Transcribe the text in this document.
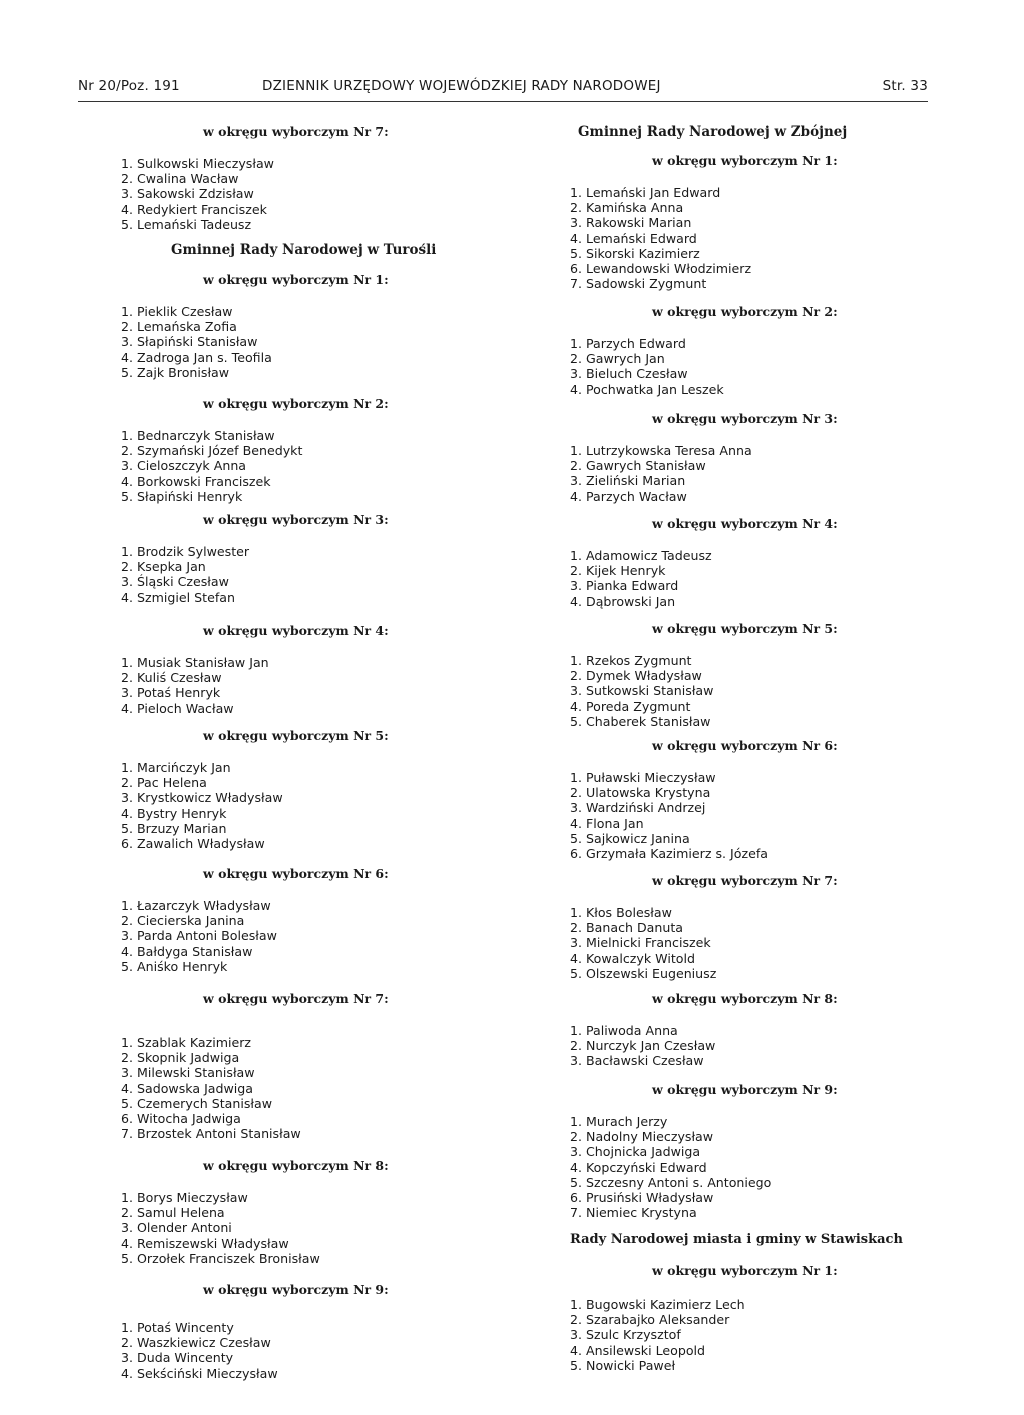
Nr 20/Poz. 191	DZIENNIK URZĘDOWY WOJEWÓDZKIEJ RADY NARODOWEJ	Str. 33
w okręgu wyborczym Nr 7:
1. Sulkowski Mieczysław
2. Cwalina Wacław
3. Sakowski Zdzisław
4. Redykiert Franciszek
5. Lemański Tadeusz
Gminnej Rady Narodowej w Turośli
w okręgu wyborczym Nr 1:
1. Pieklik Czesław
2. Lemańska Zofia
3. Słapiński Stanisław
4. Zadroga Jan s. Teofila
5. Zajk Bronisław
w okręgu wyborczym Nr 2:
1. Bednarczyk Stanisław
2. Szymański Józef Benedykt
3. Cieloszczyk Anna
4. Borkowski Franciszek
5. Słapiński Henryk
w okręgu wyborczym Nr 3:
1. Brodzik Sylwester
2. Ksepka Jan
3. Śląski Czesław
4. Szmigiel Stefan
w okręgu wyborczym Nr 4:
1. Musiak Stanisław Jan
2. Kuliś Czesław
3. Potaś Henryk
4. Pieloch Wacław
w okręgu wyborczym Nr 5:
1. Marcińczyk Jan
2. Pac Helena
3. Krystkowicz Władysław
4. Bystry Henryk
5. Brzuzy Marian
6. Zawalich Władysław
w okręgu wyborczym Nr 6:
1. Łazarczyk Władysław
2. Ciecierska Janina
3. Parda Antoni Bolesław
4. Bałdyga Stanisław
5. Aniśko Henryk
w okręgu wyborczym Nr 7:
1. Szablak Kazimierz
2. Skopnik Jadwiga
3. Milewski Stanisław
4. Sadowska Jadwiga
5. Czemerych Stanisław
6. Witocha Jadwiga
7. Brzostek Antoni Stanisław
w okręgu wyborczym Nr 8:
1. Borys Mieczysław
2. Samul Helena
3. Olender Antoni
4. Remiszewski Władysław
5. Orzołek Franciszek Bronisław
w okręgu wyborczym Nr 9:
1. Potaś Wincenty
2. Waszkiewicz Czesław
3. Duda Wincenty
4. Sekściński Mieczysław
Gminnej Rady Narodowej w Zbójnej
w okręgu wyborczym Nr 1:
1. Lemański Jan Edward
2. Kamińska Anna
3. Rakowski Marian
4. Lemański Edward
5. Sikorski Kazimierz
6. Lewandowski Włodzimierz
7. Sadowski Zygmunt
w okręgu wyborczym Nr 2:
1. Parzych Edward
2. Gawrych Jan
3. Bieluch Czesław
4. Pochwatka Jan Leszek
w okręgu wyborczym Nr 3:
1. Lutrzykowska Teresa Anna
2. Gawrych Stanisław
3. Zieliński Marian
4. Parzych Wacław
w okręgu wyborczym Nr 4:
1. Adamowicz Tadeusz
2. Kijek Henryk
3. Pianka Edward
4. Dąbrowski Jan
w okręgu wyborczym Nr 5:
1. Rzekos Zygmunt
2. Dymek Władysław
3. Sutkowski Stanisław
4. Poreda Zygmunt
5. Chaberek Stanisław
w okręgu wyborczym Nr 6:
1. Puławski Mieczysław
2. Ulatowska Krystyna
3. Wardziński Andrzej
4. Flona Jan
5. Sajkowicz Janina
6. Grzymała Kazimierz s. Józefa
w okręgu wyborczym Nr 7:
1. Kłos Bolesław
2. Banach Danuta
3. Mielnicki Franciszek
4. Kowalczyk Witold
5. Olszewski Eugeniusz
w okręgu wyborczym Nr 8:
1. Paliwoda Anna
2. Nurczyk Jan Czesław
3. Bacławski Czesław
w okręgu wyborczym Nr 9:
1. Murach Jerzy
2. Nadolny Mieczysław
3. Chojnicka Jadwiga
4. Kopczyński Edward
5. Szczesny Antoni s. Antoniego
6. Prusiński Władysław
7. Niemiec Krystyna
Rady Narodowej miasta i gminy w Stawiskach
w okręgu wyborczym Nr 1:
1. Bugowski Kazimierz Lech
2. Szarabajko Aleksander
3. Szulc Krzysztof
4. Ansilewski Leopold
5. Nowicki Paweł
